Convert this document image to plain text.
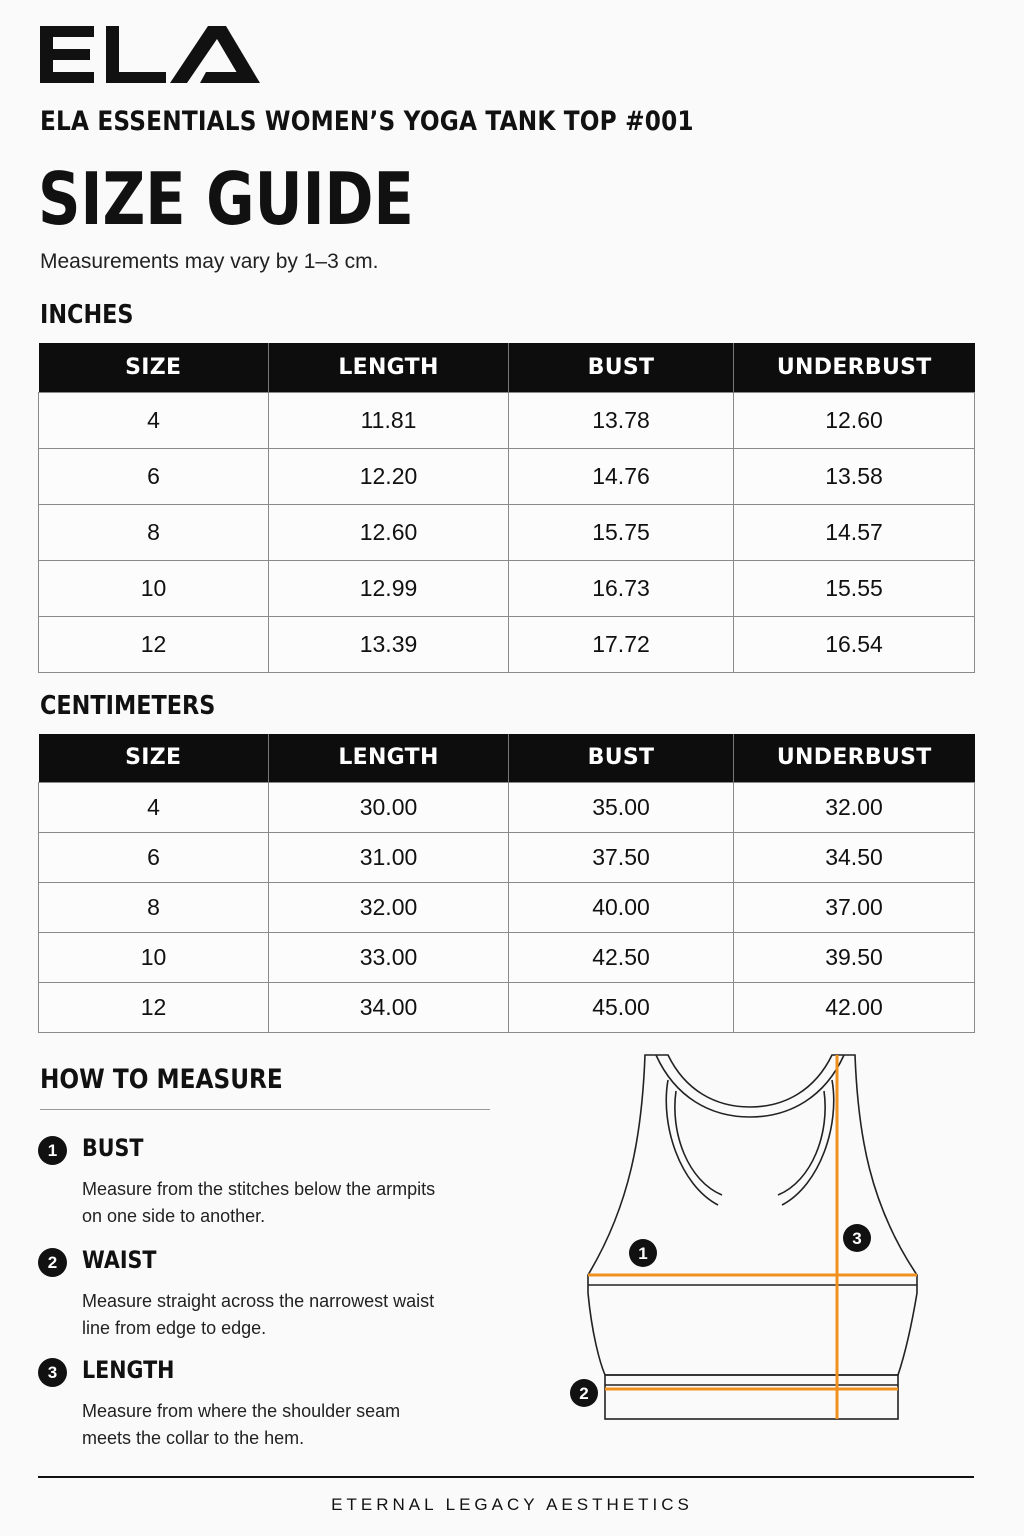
ELA ESSENTIALS WOMEN’S YOGA TANK TOP #001
SIZE GUIDE
Measurements may vary by 1–3 cm.
INCHES
SIZE	LENGTH	BUST	UNDERBUST
4	11.81	13.78	12.60
6	12.20	14.76	13.58
8	12.60	15.75	14.57
10	12.99	16.73	15.55
12	13.39	17.72	16.54
CENTIMETERS
SIZE	LENGTH	BUST	UNDERBUST
4	30.00	35.00	32.00
6	31.00	37.50	34.50
8	32.00	40.00	37.00
10	33.00	42.50	39.50
12	34.00	45.00	42.00
HOW TO MEASURE
1	BUST
Measure from the stitches below the armpits on one side to another.
2	WAIST
Measure straight across the narrowest waist line from edge to edge.
3	LENGTH
Measure from where the shoulder seam meets the collar to the hem.
1
2
3
ETERNAL LEGACY AESTHETICS
